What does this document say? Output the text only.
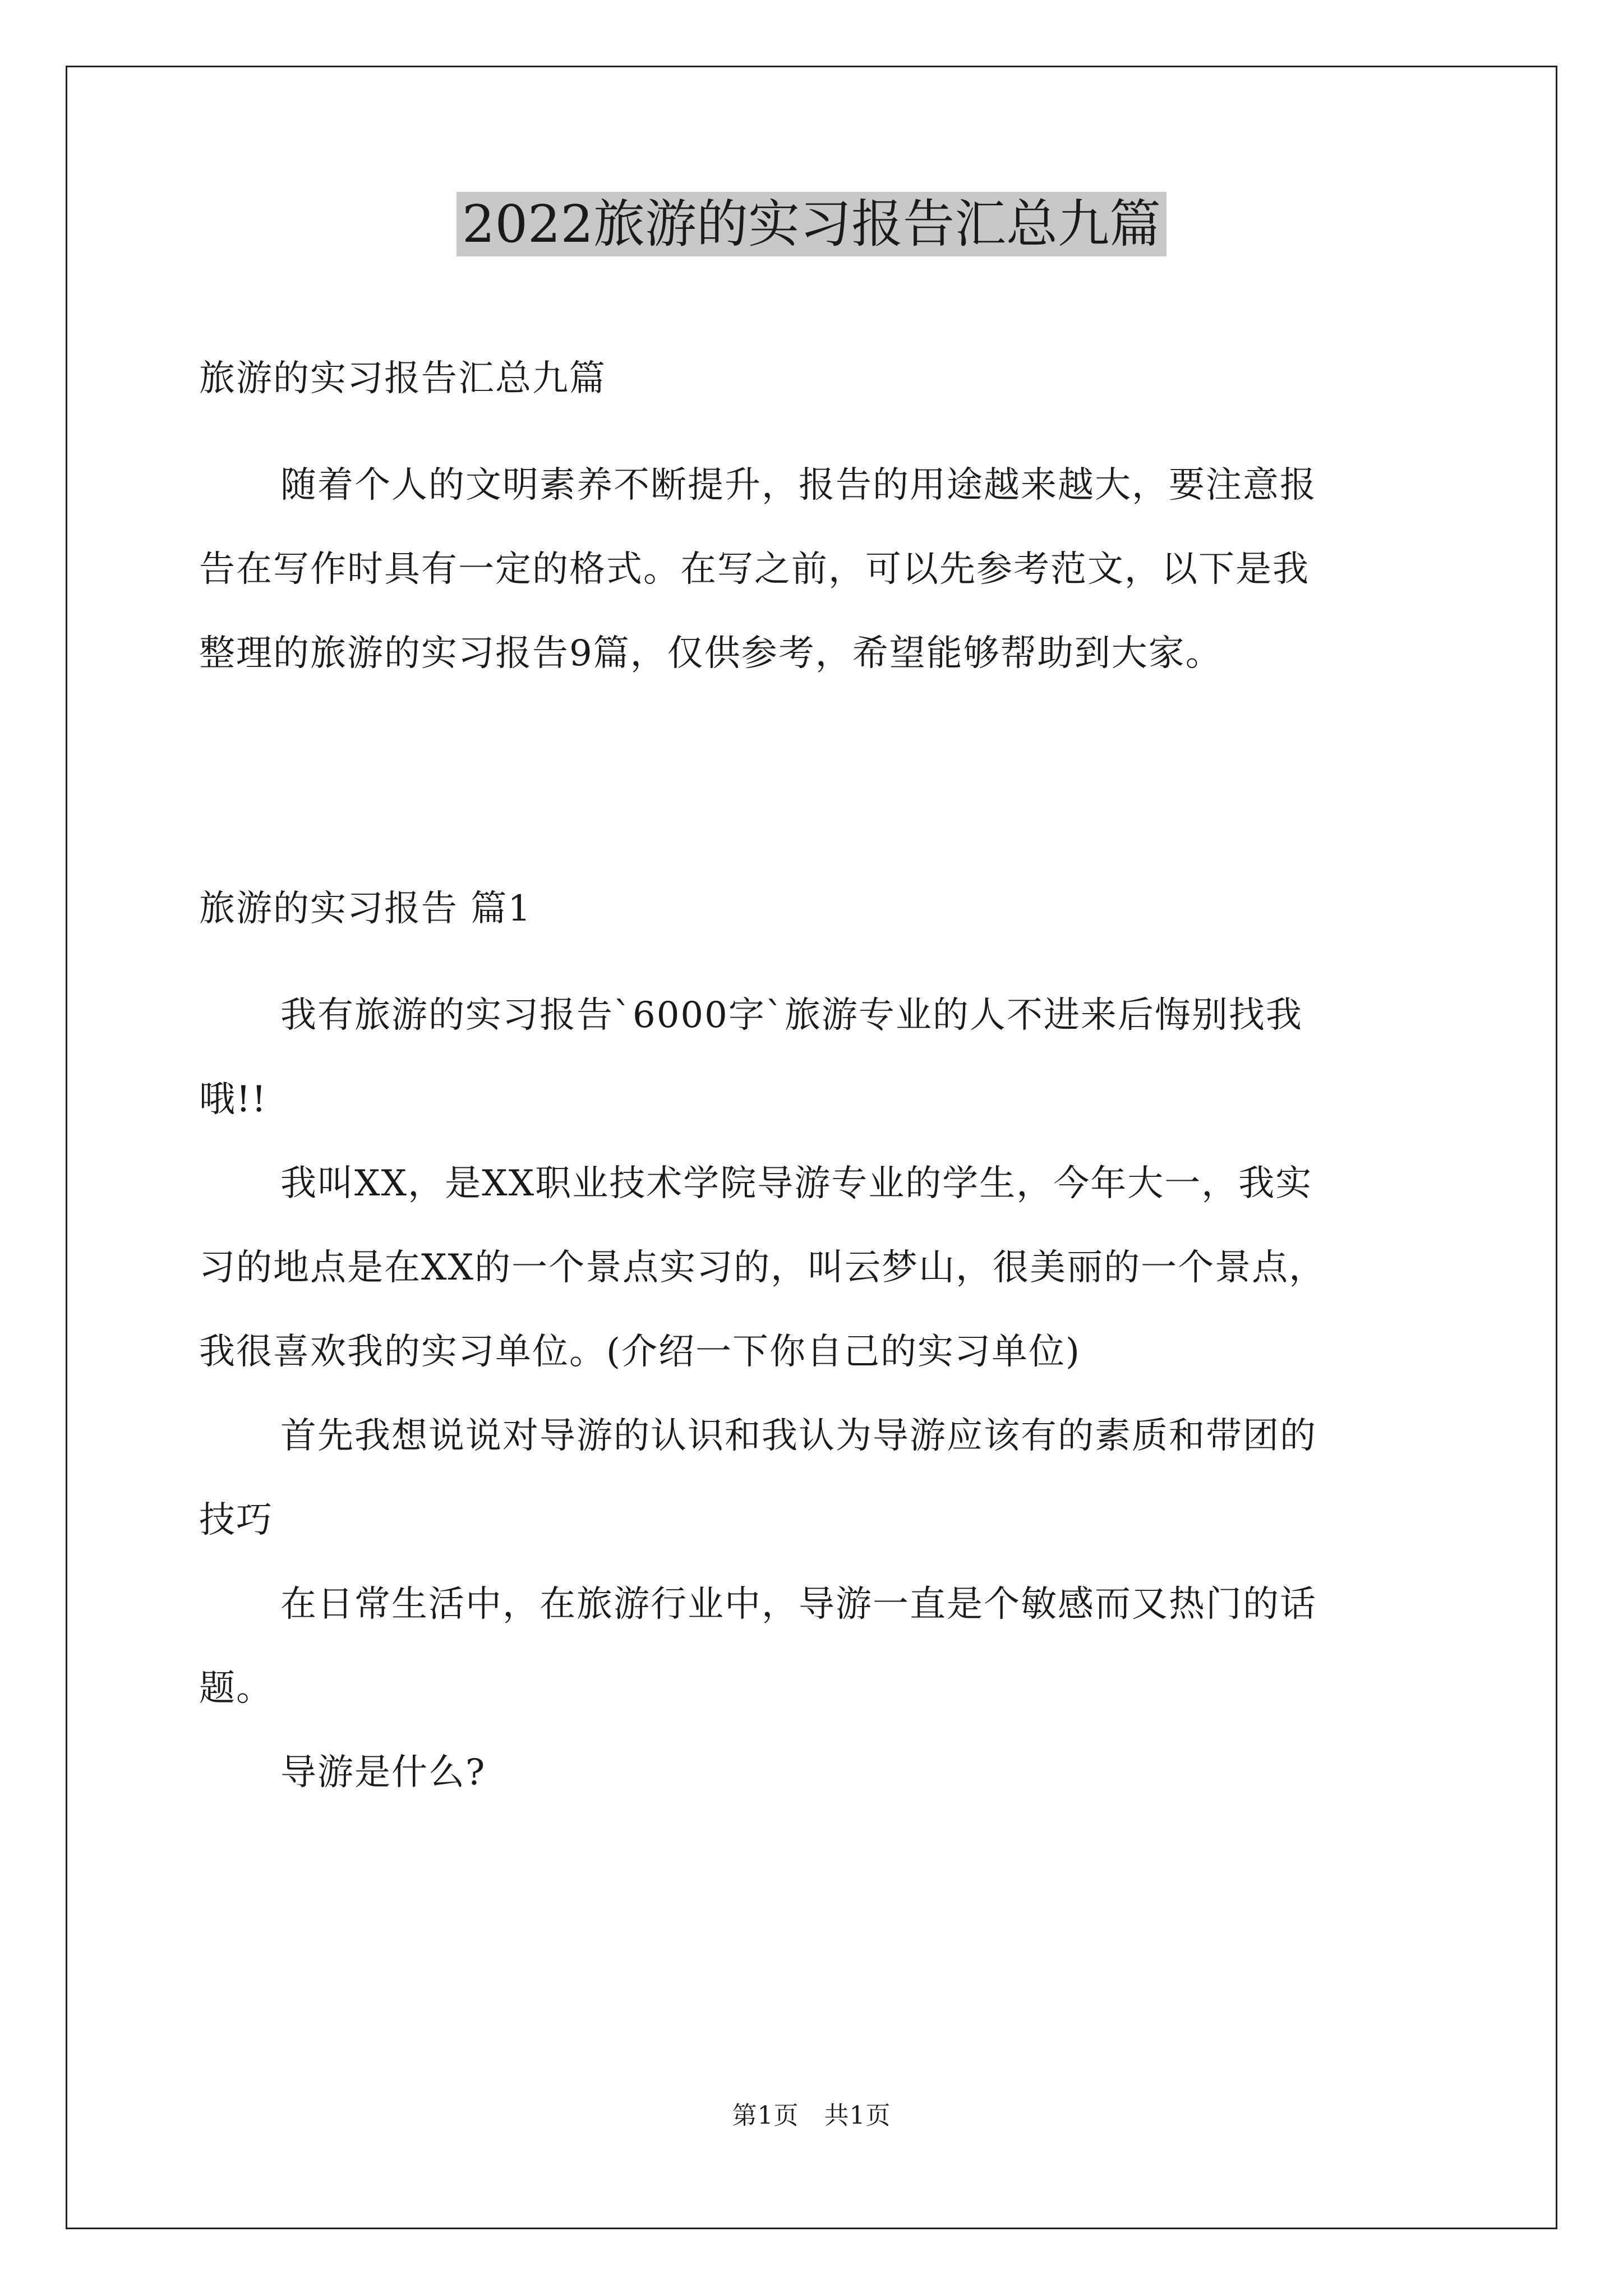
2022旅游的实习报告汇总九篇
旅游的实习报告汇总九篇
随着个人的文明素养不断提升，报告的用途越来越大，要注意报
告在写作时具有一定的格式。在写之前，可以先参考范文，以下是我
整理的旅游的实习报告9篇，仅供参考，希望能够帮助到大家。
旅游的实习报告 篇1
我有旅游的实习报告`6000字`旅游专业的人不进来后悔别找我
哦!!
我叫XX，是XX职业技术学院导游专业的学生，今年大一，我实
习的地点是在XX的一个景点实习的，叫云梦山，很美丽的一个景点，
我很喜欢我的实习单位。(介绍一下你自己的实习单位)
首先我想说说对导游的认识和我认为导游应该有的素质和带团的
技巧
在日常生活中，在旅游行业中，导游一直是个敏感而又热门的话
题。
导游是什么?
第1页　共1页
